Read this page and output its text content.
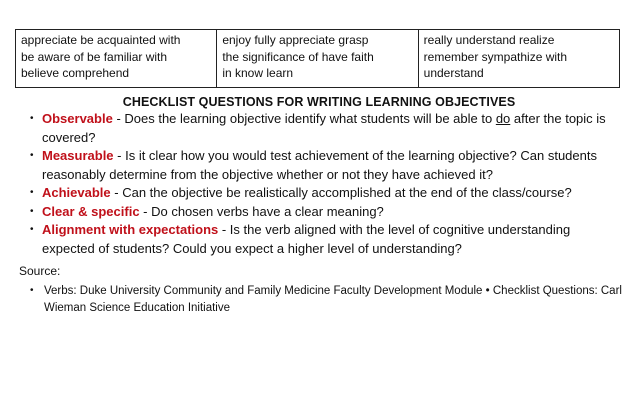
appreciate be acquainted with
be aware of be familiar with
believe comprehend

enjoy fully appreciate grasp
the significance of have faith
in know learn

really understand realize
remember sympathize with
understand
CHECKLIST QUESTIONS FOR WRITING LEARNING OBJECTIVES
• Observable - Does the learning objective identify what students will be able to do after the topic is covered?
• Measurable - Is it clear how you would test achievement of the learning objective? Can students reasonably determine from the objective whether or not they have achieved it?
• Achievable - Can the objective be realistically accomplished at the end of the class/course?
• Clear & specific - Do chosen verbs have a clear meaning?
• Alignment with expectations - Is the verb aligned with the level of cognitive understanding expected of students? Could you expect a higher level of understanding?
Source:
• Verbs: Duke University Community and Family Medicine Faculty Development Module • Checklist Questions: Carl Wieman Science Education Initiative
